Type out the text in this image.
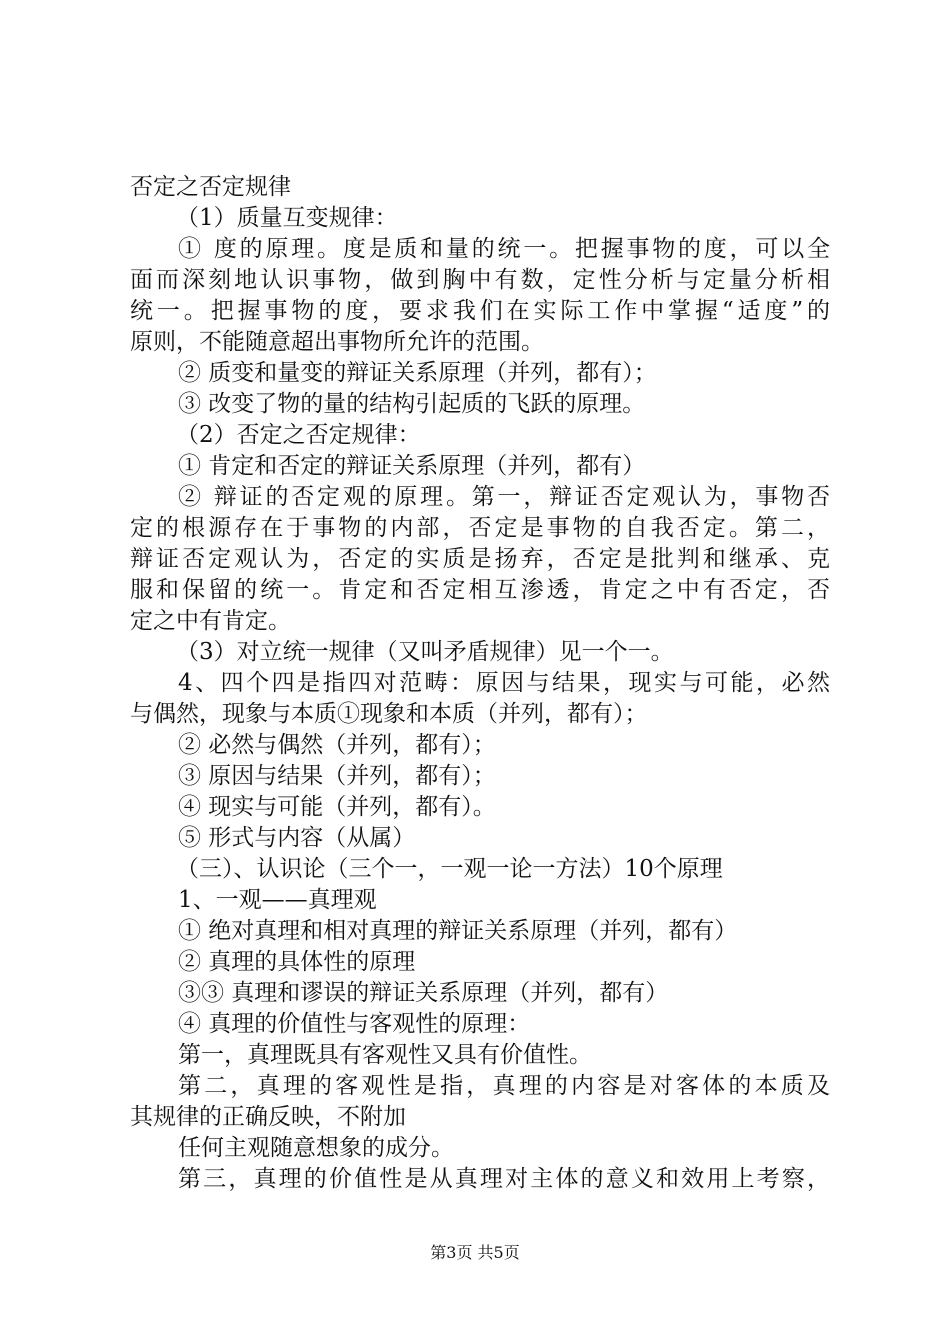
否定之否定规律
（1）质量互变规律：
① 度的原理。度是质和量的统一。把握事物的度，可以全
面而深刻地认识事物，做到胸中有数，定性分析与定量分析相
统一。把握事物的度，要求我们在实际工作中掌握“适度”的
原则，不能随意超出事物所允许的范围。
② 质变和量变的辩证关系原理（并列，都有）；
③ 改变了物的量的结构引起质的飞跃的原理。
（2）否定之否定规律：
① 肯定和否定的辩证关系原理（并列，都有）
② 辩证的否定观的原理。第一，辩证否定观认为，事物否
定的根源存在于事物的内部，否定是事物的自我否定。第二，
辩证否定观认为，否定的实质是扬弃，否定是批判和继承、克
服和保留的统一。肯定和否定相互渗透，肯定之中有否定，否
定之中有肯定。
（3）对立统一规律（又叫矛盾规律）见一个一。
4、四个四是指四对范畴：原因与结果，现实与可能，必然
与偶然，现象与本质①现象和本质（并列，都有）；
② 必然与偶然（并列，都有）；
③ 原因与结果（并列，都有）；
④ 现实与可能（并列，都有）。
⑤ 形式与内容（从属）
（三）、认识论（三个一，一观一论一方法）10个原理
1、一观——真理观
① 绝对真理和相对真理的辩证关系原理（并列，都有）
② 真理的具体性的原理
③③ 真理和谬误的辩证关系原理（并列，都有）
④ 真理的价值性与客观性的原理：
第一，真理既具有客观性又具有价值性。
第二，真理的客观性是指，真理的内容是对客体的本质及
其规律的正确反映，不附加
任何主观随意想象的成分。
第三，真理的价值性是从真理对主体的意义和效用上考察，
第3页 共5页
